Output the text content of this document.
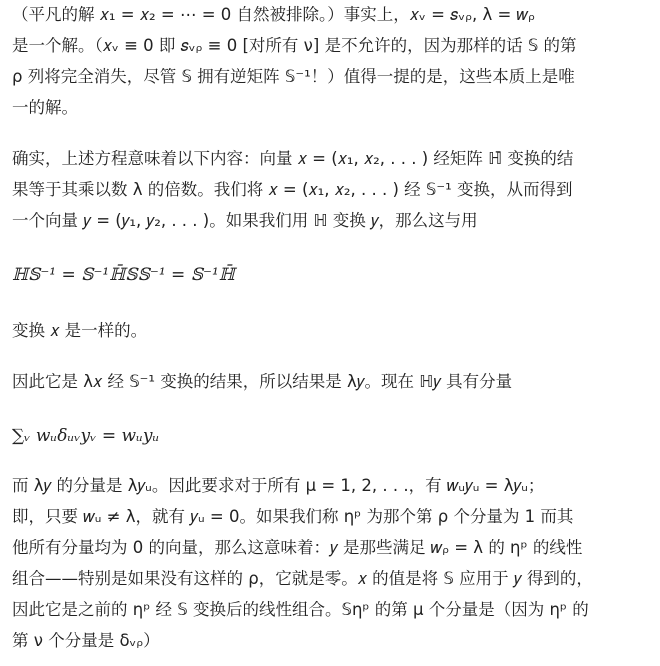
（平凡的解 𝑥₁ = 𝑥₂ = ⋯ = 0 自然被排除。）事实上，𝑥ᵥ = 𝑠ᵥᵨ, λ = 𝑤ᵨ
是一个解。（𝑥ᵥ ≡ 0 即 𝑠ᵥᵨ ≡ 0 [对所有 ν] 是不允许的，因为那样的话 𝕊 的第
ρ 列将完全消失，尽管 𝕊 拥有逆矩阵 𝕊⁻¹！）值得一提的是，这些本质上是唯
一的解。
确实，上述方程意味着以下内容：向量 𝑥 = (𝑥₁, 𝑥₂, . . . ) 经矩阵 ℍ̄ 变换的结
果等于其乘以数 λ 的倍数。我们将 𝑥 = (𝑥₁, 𝑥₂, . . . ) 经 𝕊⁻¹ 变换，从而得到
一个向量 𝑦 = (𝑦₁, 𝑦₂, . . . )。如果我们用 ℍ 变换 𝑦，那么这与用
ℍ𝕊⁻¹ = 𝕊⁻¹ℍ̄𝕊𝕊⁻¹ = 𝕊⁻¹ℍ̄
变换 𝑥 是一样的。
因此它是 λ𝑥 经 𝕊⁻¹ 变换的结果，所以结果是 λ𝑦。现在 ℍ𝑦 具有分量
∑ᵥ 𝑤ᵤδᵤᵥ𝑦ᵥ = 𝑤ᵤ𝑦ᵤ
而 λ𝑦 的分量是 λ𝑦ᵤ。因此要求对于所有 μ = 1, 2, . . .，有 𝑤ᵤ𝑦ᵤ = λ𝑦ᵤ；
即，只要 𝑤ᵤ ≠ λ，就有 𝑦ᵤ = 0。如果我们称 ηᵖ 为那个第 ρ 个分量为 1 而其
他所有分量均为 0 的向量，那么这意味着：𝑦 是那些满足 𝑤ᵨ = λ 的 ηᵖ 的线性
组合——特别是如果没有这样的 ρ，它就是零。𝑥 的值是将 𝕊 应用于 𝑦 得到的，
因此它是之前的 ηᵖ 经 𝕊 变换后的线性组合。𝕊ηᵖ 的第 μ 个分量是（因为 ηᵖ 的
第 ν 个分量是 δᵥᵨ）
